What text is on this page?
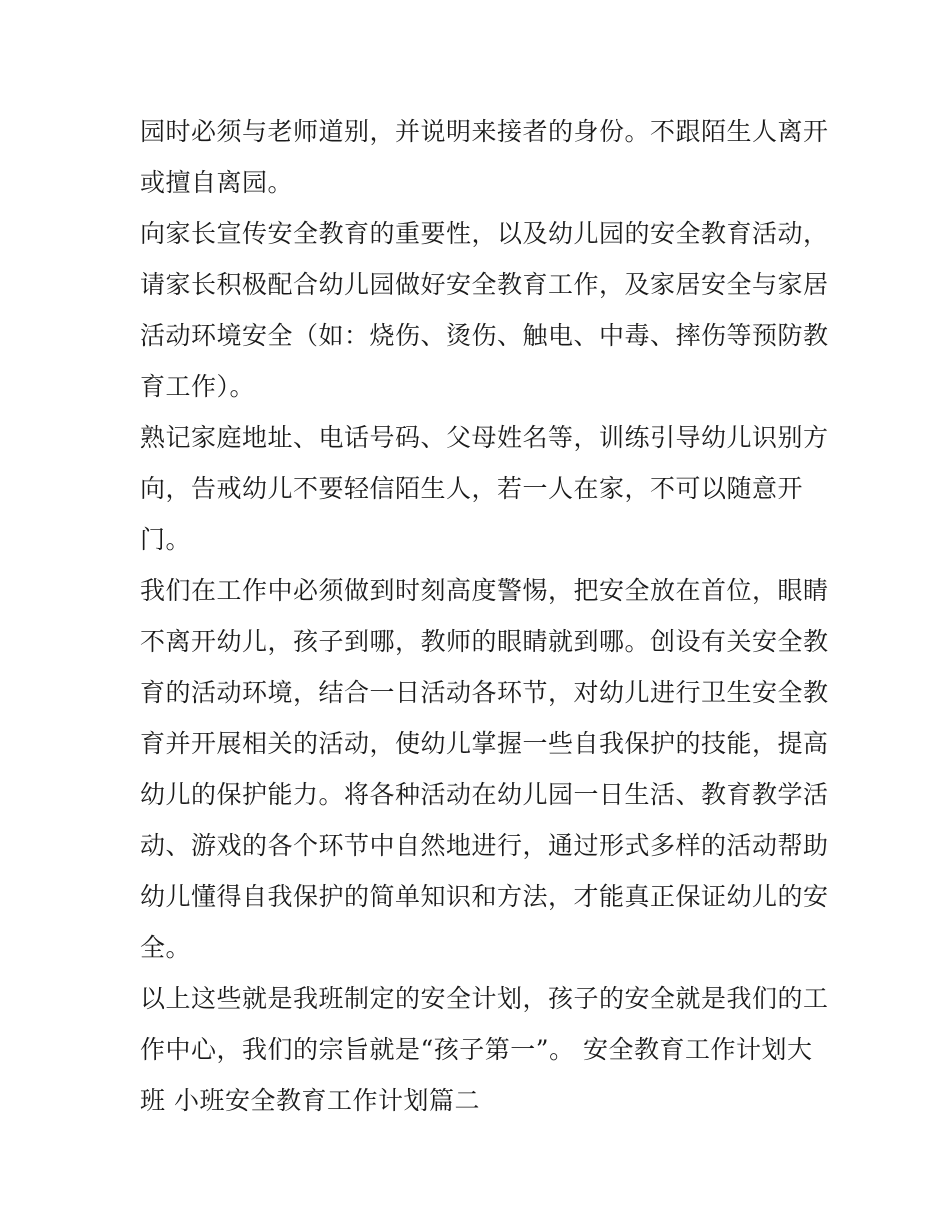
园时必须与老师道别，并说明来接者的身份。不跟陌生人离开
或擅自离园。
向家长宣传安全教育的重要性，以及幼儿园的安全教育活动，
请家长积极配合幼儿园做好安全教育工作，及家居安全与家居
活动环境安全（如：烧伤、烫伤、触电、中毒、摔伤等预防教
育工作）。
熟记家庭地址、电话号码、父母姓名等，训练引导幼儿识别方
向，告戒幼儿不要轻信陌生人，若一人在家，不可以随意开
门。
我们在工作中必须做到时刻高度警惕，把安全放在首位，眼睛
不离开幼儿，孩子到哪，教师的眼睛就到哪。创设有关安全教
育的活动环境，结合一日活动各环节，对幼儿进行卫生安全教
育并开展相关的活动，使幼儿掌握一些自我保护的技能，提高
幼儿的保护能力。将各种活动在幼儿园一日生活、教育教学活
动、游戏的各个环节中自然地进行，通过形式多样的活动帮助
幼儿懂得自我保护的简单知识和方法，才能真正保证幼儿的安
全。
以上这些就是我班制定的安全计划，孩子的安全就是我们的工
作中心，我们的宗旨就是“孩子第一”。 安全教育工作计划大
班 小班安全教育工作计划篇二
